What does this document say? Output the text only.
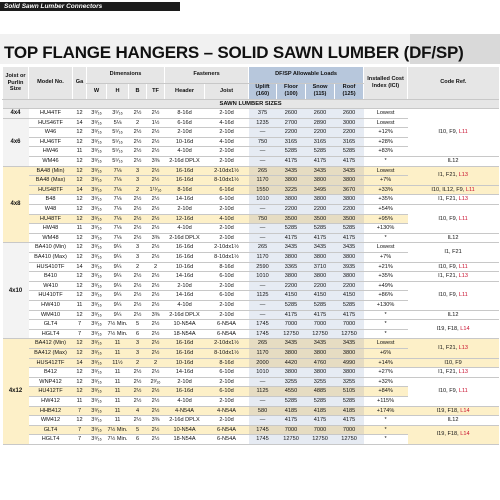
Solid Sawn Lumber Connectors
TOP FLANGE HANGERS – SOLID SAWN LUMBER (DF/SP)
Joist or Purlin Size	Model No.	Ga	Dimensions				Fasteners		DF/SP Allowable Loads				Installed Cost Index (ICI)	Code Ref.
			W	H	B	TF	Header	Joist	Uplift (160)	Floor (100)	Snow (115)	Roof (125)		
SAWN LUMBER SIZES														
4x4	HU44TF	12	3⁹⁄₁₆	3⁵⁄₁₆	2½	2½	8-16d	2-10d	375	2600	2600	2600	Lowest	I10, F9, L11
4x6	HUS46TF	14	3⁹⁄₁₆	5⅛	2	1½	6-16d	4-16d	1235	2700	2890	3000	Lowest	
	W46	12	3⁹⁄₁₆	5⁵⁄₁₆	2½	2½	2-10d	2-10d	—	2200	2200	2200	+12%	
	HU46TF	12	3⁹⁄₁₆	5⁵⁄₁₆	2½	2½	10-16d	4-10d	750	3165	3165	3165	+28%	
	HW46	11	3⁹⁄₁₆	5⁵⁄₁₆	2½	2½	4-10d	2-10d	—	5285	5285	5285	+83%	
	WM46	12	3⁹⁄₁₆	5⁵⁄₁₆	2½	3⅜	2-16d DPLX	2-10d	—	4175	4175	4175	*	IL12
4x8	BA48 (Min)	12	3⁹⁄₁₆	7⅛	3	2½	16-16d	2-10dx1½	265	3435	3435	3435	Lowest	I1, F21, L13
	BA48 (Max)	12	3⁹⁄₁₆	7⅛	3	2½	16-16d	8-10dx1½	1170	3800	3800	3800	+7%	
	HUS48TF	14	3⁹⁄₁₆	7⅛	2	1¹¹⁄₁₆	8-16d	6-16d	1550	3225	3495	3670	+33%	I10, IL12, F9, L11
	B48	12	3⁹⁄₁₆	7⅛	2½	2½	14-16d	6-10d	1010	3800	3800	3800	+35%	I1, F21, L13
	W48	12	3⁹⁄₁₆	7⅛	2½	2½	2-10d	2-10d	—	2200	2200	2200	+54%	I10, F9, L11
	HU48TF	12	3⁹⁄₁₆	7⅛	2½	2½	12-16d	4-10d	750	3500	3500	3500	+95%	
	HW48	11	3⁹⁄₁₆	7⅛	2½	2½	4-10d	2-10d	—	5285	5285	5285	+130%	
	WM48	12	3⁹⁄₁₆	7⅛	2½	3⅜	2-16d DPLX	2-10d	—	4175	4175	4175	*	IL12
4x10	BA410 (Min)	12	3⁹⁄₁₆	9¼	3	2½	16-16d	2-10dx1½	265	3435	3435	3435	Lowest	I1, F21
	BA410 (Max)	12	3⁹⁄₁₆	9¼	3	2½	16-16d	8-10dx1½	1170	3800	3800	3800	+7%	
	HUS410TF	14	3⁹⁄₁₆	9¼	2	2	10-16d	8-16d	2590	3365	3710	3935	+21%	I10, F9, L11
	B410	12	3⁹⁄₁₆	9¼	2½	2½	14-16d	6-10d	1010	3800	3800	3800	+35%	I1, F21, L13
	W410	12	3⁹⁄₁₆	9¼	2½	2½	2-10d	2-10d	—	2200	2200	2200	+49%	I10, F9, L11
	HU410TF	12	3⁹⁄₁₆	9¼	2½	2½	14-16d	6-10d	1125	4150	4150	4150	+86%	
	HW410	11	3⁹⁄₁₆	9¼	2½	2½	4-10d	2-10d	—	5285	5285	5285	+130%	
	WM410	12	3⁹⁄₁₆	9¼	2½	3⅜	2-16d DPLX	2-10d	—	4175	4175	4175	*	IL12
	GLT4	7	3⁹⁄₁₆	7½ Min.	5	2½	10-N54A	6-N54A	1745	7000	7000	7000	*	I19, F18, L14
	HGLT4	7	3⁹⁄₁₆	7½ Min.	6	2½	18-N54A	6-N54A	1745	12750	12750	12750	*	
4x12	BA412 (Min)	12	3⁹⁄₁₆	11	3	2½	16-16d	2-10dx1½	265	3435	3435	3435	Lowest	I1, F21, L13
	BA412 (Max)	12	3⁹⁄₁₆	11	3	2½	16-16d	8-10dx1½	1170	3800	3800	3800	+6%	
	HUS412TF	14	3⁹⁄₁₆	11½	2	2	10-16d	8-16d	2000	4420	4760	4990	+14%	I10, F9
	B412	12	3⁹⁄₁₆	11	2½	2½	14-16d	6-10d	1010	3800	3800	3800	+27%	I1, F21, L13
	WNP412	12	3⁹⁄₁₆	11	2½	2³⁄₁₆	2-10d	2-10d	—	3255	3255	3255	+32%	I10, F9, L11
	HU412TF	12	3⁹⁄₁₆	11	2½	2½	16-16d	6-10d	1125	4550	4885	5105	+84%	
	HW412	11	3⁹⁄₁₆	11	2½	2½	4-10d	2-10d	—	5285	5285	5285	+115%	
	HHB412	7	3⁹⁄₁₆	11	4	2½	4-N54A	4-N54A	580	4185	4185	4185	+174%	I19, F18, L14
	WM412	12	3⁹⁄₁₆	11	2½	3⅜	2-16d DPLX	2-10d	—	4175	4175	4175	*	IL12
	GLT4	7	3⁹⁄₁₆	7½ Min.	5	2½	10-N54A	6-N54A	1745	7000	7000	7000	*	I19, F18, L14
	HGLT4	7	3⁹⁄₁₆	7½ Min.	6	2½	18-N54A	6-N54A	1745	12750	12750	12750	*	
